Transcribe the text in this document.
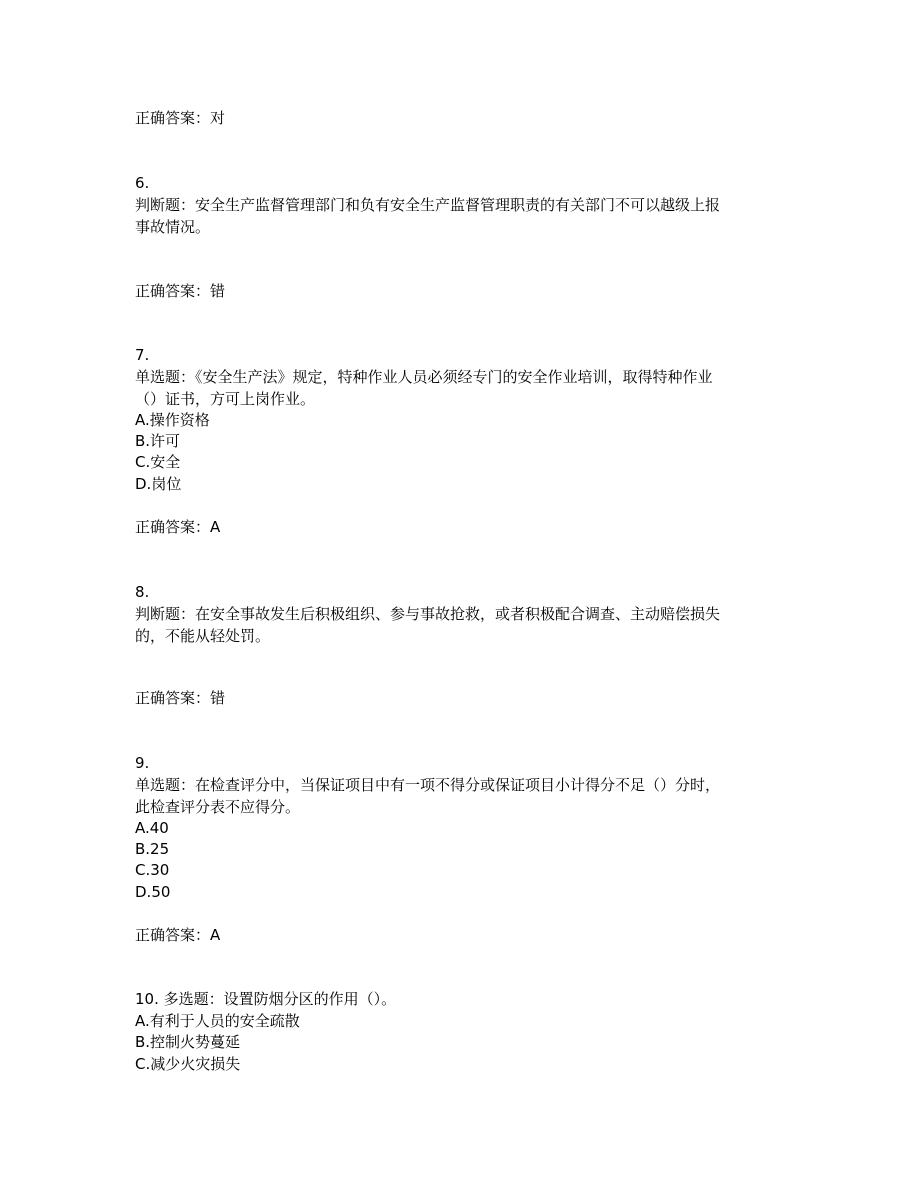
正确答案：对
6.
判断题：安全生产监督管理部门和负有安全生产监督管理职责的有关部门不可以越级上报
事故情况。
正确答案：错
7.
单选题：《安全生产法》规定，特种作业人员必须经专门的安全作业培训，取得特种作业
（）证书，方可上岗作业。
A.操作资格
B.许可
C.安全
D.岗位
正确答案：A
8.
判断题：在安全事故发生后积极组织、参与事故抢救，或者积极配合调查、主动赔偿损失
的，不能从轻处罚。
正确答案：错
9.
单选题：在检查评分中，当保证项目中有一项不得分或保证项目小计得分不足（）分时，
此检查评分表不应得分。
A.40
B.25
C.30
D.50
正确答案：A
10. 多选题：设置防烟分区的作用（）。
A.有利于人员的安全疏散
B.控制火势蔓延
C.减少火灾损失
